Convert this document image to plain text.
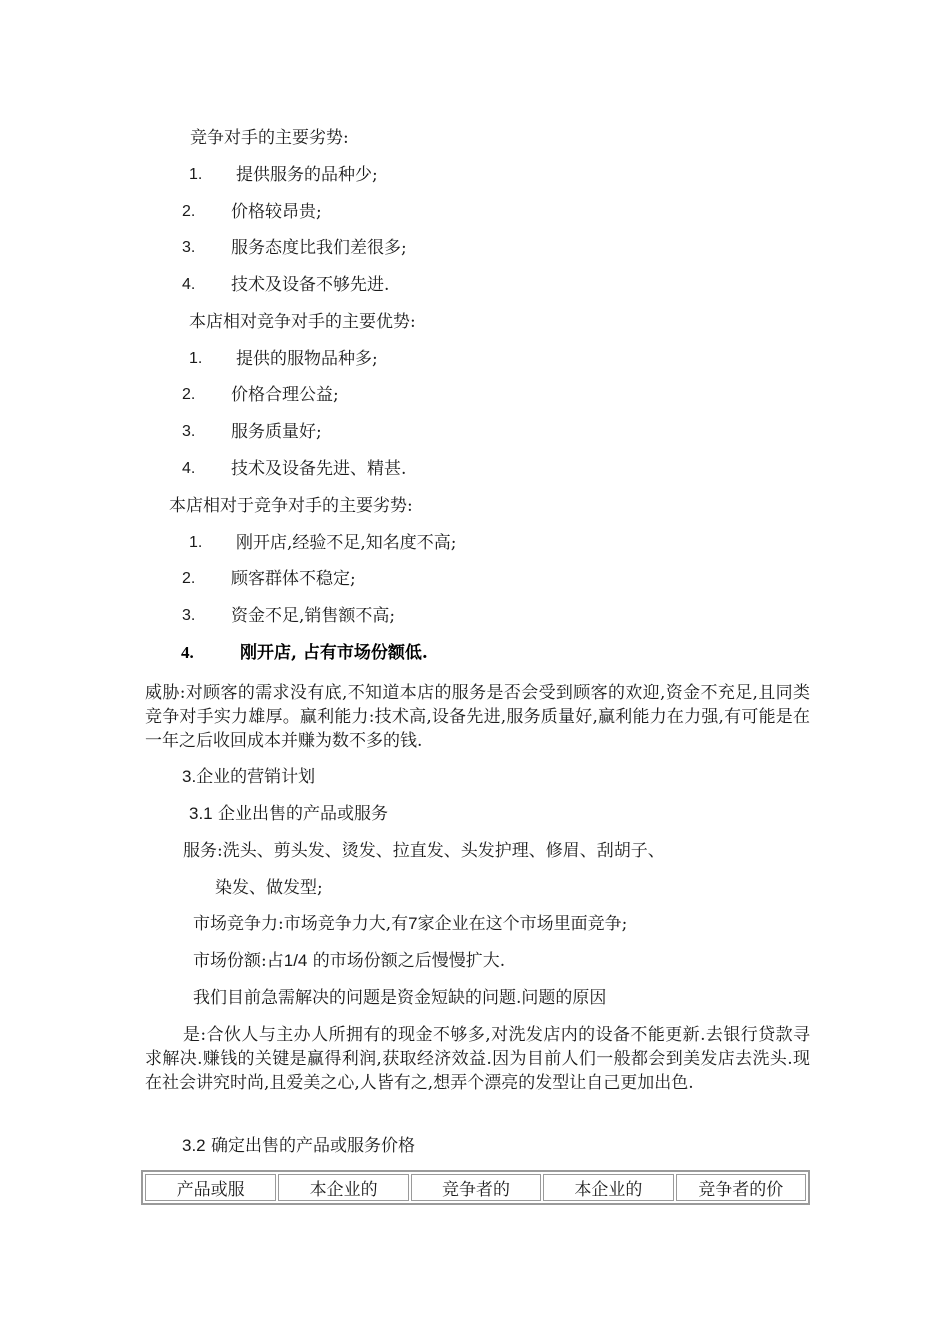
竞争对手的主要劣势:
1. 提供服务的品种少;
2. 价格较昂贵;
3. 服务态度比我们差很多;
4. 技术及设备不够先进.
本店相对竞争对手的主要优势:
1. 提供的服物品种多;
2. 价格合理公益;
3. 服务质量好;
4. 技术及设备先进、精甚.
本店相对于竞争对手的主要劣势:
1. 刚开店,经验不足,知名度不高;
2. 顾客群体不稳定;
3. 资金不足,销售额不高;
4.	刚开店, 占有市场份额低.
威胁:对顾客的需求没有底,不知道本店的服务是否会受到顾客的欢迎,资金不充足,且同类竞争对手实力雄厚。赢利能力:技术高,设备先进,服务质量好,赢利能力在力强,有可能是在一年之后收回成本并赚为数不多的钱.
3.企业的营销计划
3.1 企业出售的产品或服务
服务:洗头、剪头发、烫发、拉直发、头发护理、修眉、刮胡子、
染发、做发型;
市场竞争力:市场竞争力大,有7家企业在这个市场里面竞争;
市场份额:占1/4 的市场份额之后慢慢扩大.
我们目前急需解决的问题是资金短缺的问题.问题的原因
是:合伙人与主办人所拥有的现金不够多,对洗发店内的设备不能更新.去银行贷款寻求解决.赚钱的关键是赢得利润,获取经济效益.因为目前人们一般都会到美发店去洗头.现在社会讲究时尚,且爱美之心,人皆有之,想弄个漂亮的发型让自己更加出色.
3.2 确定出售的产品或服务价格
产品或服	本企业的	竞争者的	本企业的	竞争者的价
